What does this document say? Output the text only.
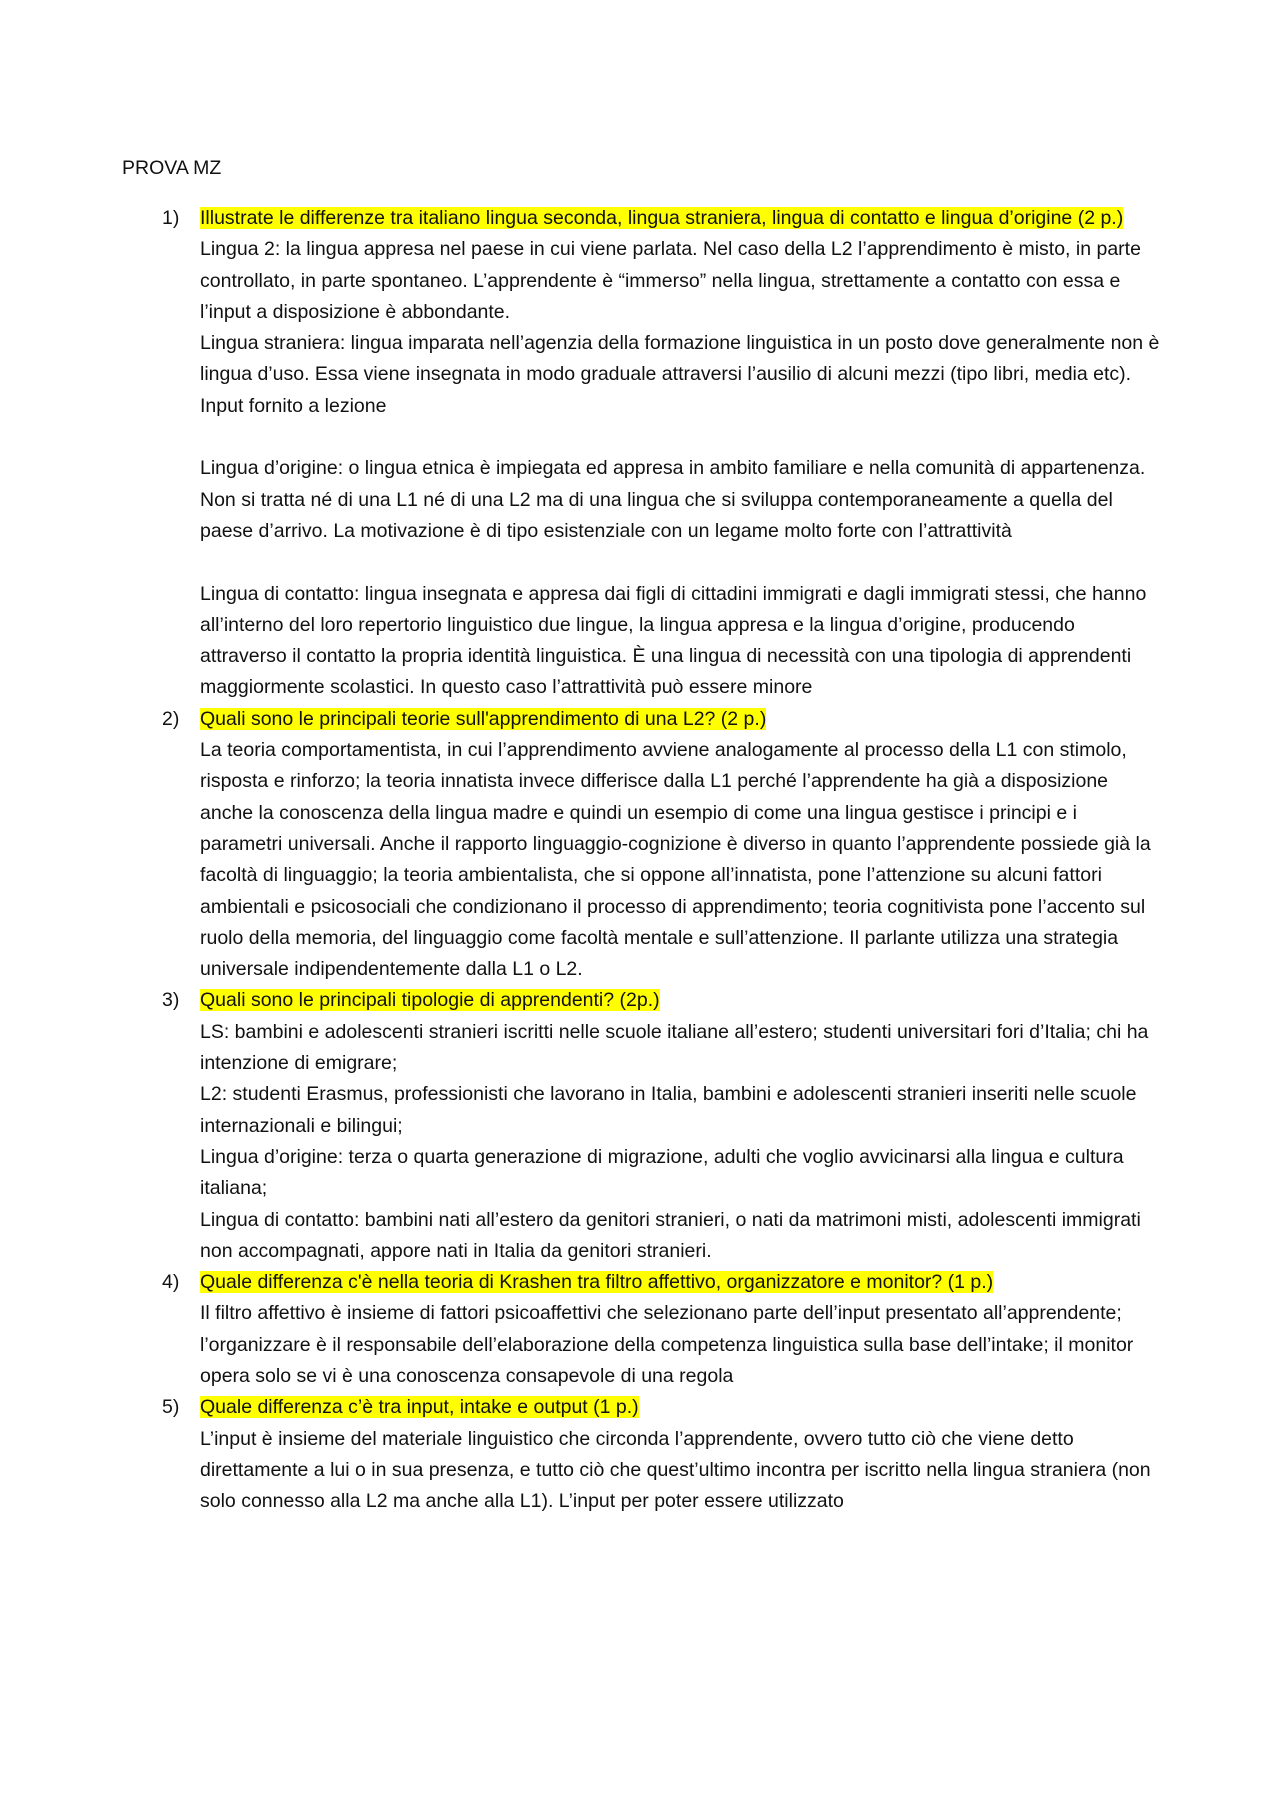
PROVA MZ
1) Illustrate le differenze tra italiano lingua seconda, lingua straniera, lingua di contatto e lingua d’origine (2 p.)

Lingua 2: la lingua appresa nel paese in cui viene parlata. Nel caso della L2 l’apprendimento è misto, in parte controllato, in parte spontaneo. L’apprendente è “immerso” nella lingua, strettamente a contatto con essa e l’input a disposizione è abbondante.

Lingua straniera: lingua imparata nell’agenzia della formazione linguistica in un posto dove generalmente non è lingua d’uso. Essa viene insegnata in modo graduale attraversi l’ausilio di alcuni mezzi (tipo libri, media etc). Input fornito a lezione

Lingua d’origine: o lingua etnica è impiegata ed appresa in ambito familiare e nella comunità di appartenenza. Non si tratta né di una L1 né di una L2 ma di una lingua che si sviluppa contemporaneamente a quella del paese d’arrivo. La motivazione è di tipo esistenziale con un legame molto forte con l’attrattività

Lingua di contatto: lingua insegnata e appresa dai figli di cittadini immigrati e dagli immigrati stessi, che hanno all’interno del loro repertorio linguistico due lingue, la lingua appresa e la lingua d’origine, producendo attraverso il contatto la propria identità linguistica. È una lingua di necessità con una tipologia di apprendenti maggiormente scolastici. In questo caso l’attrattività può essere minore

2) Quali sono le principali teorie sull'apprendimento di una L2? (2 p.)

La teoria comportamentista, in cui l’apprendimento avviene analogamente al processo della L1 con stimolo, risposta e rinforzo; la teoria innatista invece differisce dalla L1 perché l’apprendente ha già a disposizione anche la conoscenza della lingua madre e quindi un esempio di come una lingua gestisce i principi e i parametri universali. Anche il rapporto linguaggio-cognizione è diverso in quanto l’apprendente possiede già la facoltà di linguaggio; la teoria ambientalista, che si oppone all’innatista, pone l’attenzione su alcuni fattori ambientali e psicosociali che condizionano il processo di apprendimento; teoria cognitivista pone l’accento sul ruolo della memoria, del linguaggio come facoltà mentale e sull’attenzione. Il parlante utilizza una strategia universale indipendentemente dalla L1 o L2.

3) Quali sono le principali tipologie di apprendenti? (2p.)

LS: bambini e adolescenti stranieri iscritti nelle scuole italiane all’estero; studenti universitari fori d’Italia; chi ha intenzione di emigrare;

L2: studenti Erasmus, professionisti che lavorano in Italia, bambini e adolescenti stranieri inseriti nelle scuole internazionali e bilingui;

Lingua d’origine: terza o quarta generazione di migrazione, adulti che voglio avvicinarsi alla lingua e cultura italiana;

Lingua di contatto: bambini nati all’estero da genitori stranieri, o nati da matrimoni misti, adolescenti immigrati non accompagnati, appore nati in Italia da genitori stranieri.

4) Quale differenza c'è nella teoria di Krashen tra filtro affettivo, organizzatore e monitor? (1 p.)

Il filtro affettivo è insieme di fattori psicoaffettivi che selezionano parte dell’input presentato all’apprendente; l’organizzare è il responsabile dell’elaborazione della competenza linguistica sulla base dell’intake; il monitor opera solo se vi è una conoscenza consapevole di una regola

5) Quale differenza c’è tra input, intake e output (1 p.)

L’input è insieme del materiale linguistico che circonda l’apprendente, ovvero tutto ciò che viene detto direttamente a lui o in sua presenza, e tutto ciò che quest’ultimo incontra per iscritto nella lingua straniera (non solo connesso alla L2 ma anche alla L1). L’input per poter essere utilizzato
